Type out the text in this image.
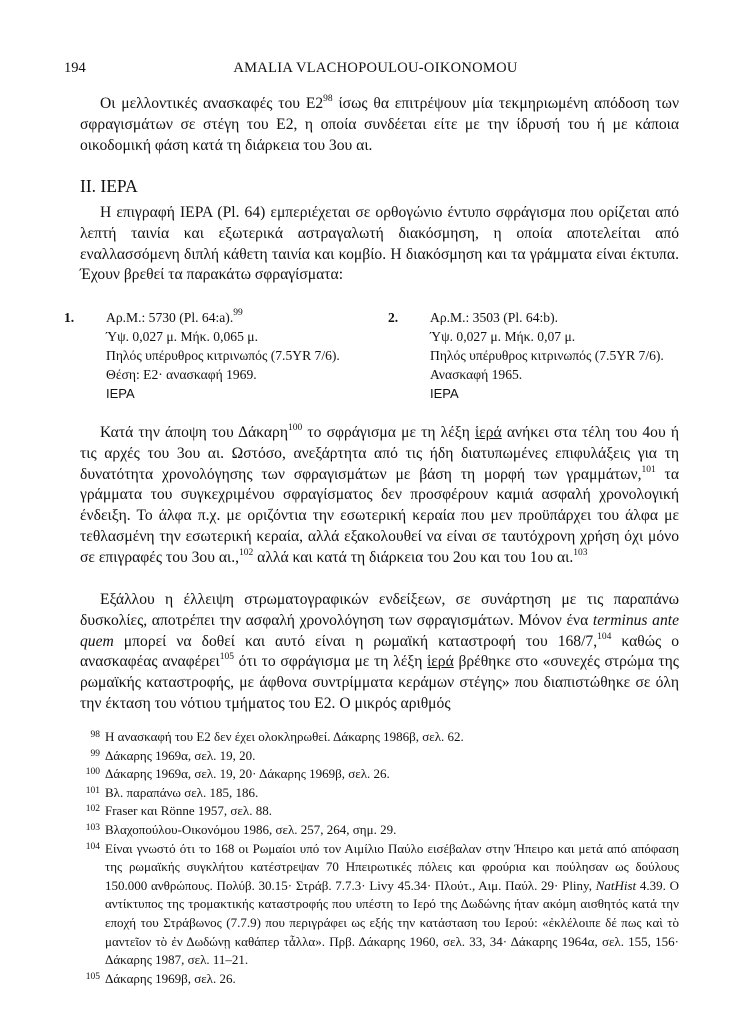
194	AMALIA VLACHOPOULOU-OIKONOMOU

Οι μελλοντικές ανασκαφές του $E2^{98}$ ίσως θα επιτρέψουν μία τεκμηριωμένη απόδοση των σφραγισμάτων σε στέγη του Ε2, η οποία συνδέεται είτε με την ίδρυσή του ή με κάποια οικοδομική φάση κατά τη διάρκεια του 3ου αι.

II. ΙΕΡΑ

Η επιγραφή ΙΕΡΑ (Pl. 64) εμπεριέχεται σε ορθογώνιο έντυπο σφράγισμα που ορίζεται από λεπτή ταινία και εξωτερικά αστραγαλωτή διακόσμηση, η οποία αποτελείται από εναλλασσόμενη διπλή κάθετη ταινία και κομβίο. Η διακόσμηση και τα γράμματα είναι έκτυπα. Έχουν βρεθεί τα παρακάτω σφραγίσματα:

1. Αρ.Μ.: 5730 (Pl. 64:a).$^{99}$
Ύψ. 0,027 μ. Μήκ. 0,065 μ.
Πηλός υπέρυθρος κιτρινωπός (7.5YR 7/6).
Θέση: Ε2· ανασκαφή 1969.
ΙΕΡΑ
2. Αρ.Μ.: 3503 (Pl. 64:b).
Ύψ. 0,027 μ. Μήκ. 0,07 μ.
Πηλός υπέρυθρος κιτρινωπός (7.5YR 7/6).
Ανασκαφή 1965.
ΙΕΡΑ

Κατά την άποψη του Δάκαρη$^{100}$ το σφράγισμα με τη λέξη ἱερά ανήκει στα τέλη του 4ου ή τις αρχές του 3ου αι. Ωστόσο, ανεξάρτητα από τις ήδη διατυπωμένες επιφυλάξεις για τη δυνατότητα χρονολόγησης των σφραγισμάτων με βάση τη μορφή των γραμμάτων,$^{101}$ τα γράμματα του συγκεχριμένου σφραγίσματος δεν προσφέρουν καμιά ασφαλή χρονολογική ένδειξη. Το άλφα π.χ. με οριζόντια την εσωτερική κεραία που μεν προϋπάρχει του άλφα με τεθλασμένη την εσωτερική κεραία, αλλά εξακολουθεί να είναι σε ταυτόχρονη χρήση όχι μόνο σε επιγραφές του 3ου αι.,$^{102}$ αλλά και κατά τη διάρκεια του 2ου και του 1ου αι.$^{103}$

Εξάλλου η έλλειψη στρωματογραφικών ενδείξεων, σε συνάρτηση με τις παραπάνω δυσκολίες, αποτρέπει την ασφαλή χρονολόγηση των σφραγισμάτων. Μόνον ένα terminus ante quem μπορεί να δοθεί και αυτό είναι η ρωμαϊκή καταστροφή του 168/7,$^{104}$ καθώς ο ανασκαφέας αναφέρει$^{105}$ ότι το σφράγισμα με τη λέξη ἱερά βρέθηκε στο «συνεχές στρώμα της ρωμαϊκής καταστροφής, με άφθονα συντρίμματα κεράμων στέγης» που διαπιστώθηκε σε όλη την έκταση του νότιου τμήματος του Ε2. Ο μικρός αριθμός

98 Η ανασκαφή του Ε2 δεν έχει ολοκληρωθεί. Δάκαρης 1986β, σελ. 62.
99 Δάκαρης 1969α, σελ. 19, 20.
100 Δάκαρης 1969α, σελ. 19, 20· Δάκαρης 1969β, σελ. 26.
101 Βλ. παραπάνω σελ. 185, 186.
102 Fraser και Rönne 1957, σελ. 88.
103 Βλαχοπούλου-Οικονόμου 1986, σελ. 257, 264, σημ. 29.
104 Είναι γνωστό ότι το 168 οι Ρωμαίοι υπό τον Αιμίλιο Παύλο εισέβαλαν στην Ήπειρο και μετά από απόφαση της ρωμαϊκής συγκλήτου κατέστρεψαν 70 Ηπειρωτικές πόλεις και φρούρια και πούλησαν ως δούλους 150.000 ανθρώπους. Πολύβ. 30.15· Στράβ. 7.7.3· Livy 45.34· Πλούτ., Αιμ. Παύλ. 29· Pliny, NatHist 4.39. Ο αντίκτυπος της τρομακτικής καταστροφής που υπέστη το Ιερό της Δωδώνης ήταν ακόμη αισθητός κατά την εποχή του Στράβωνος (7.7.9) που περιγράφει ως εξής την κατάσταση του Ιερού: «ἐκλέλοιπε δέ πως καὶ τὸ μαντεῖον τὸ ἐν Δωδώνῃ καθάπερ τἆλλα». Πρβ. Δάκαρης 1960, σελ. 33, 34· Δάκαρης 1964α, σελ. 155, 156· Δάκαρης 1987, σελ. 11–21.
105 Δάκαρης 1969β, σελ. 26.
